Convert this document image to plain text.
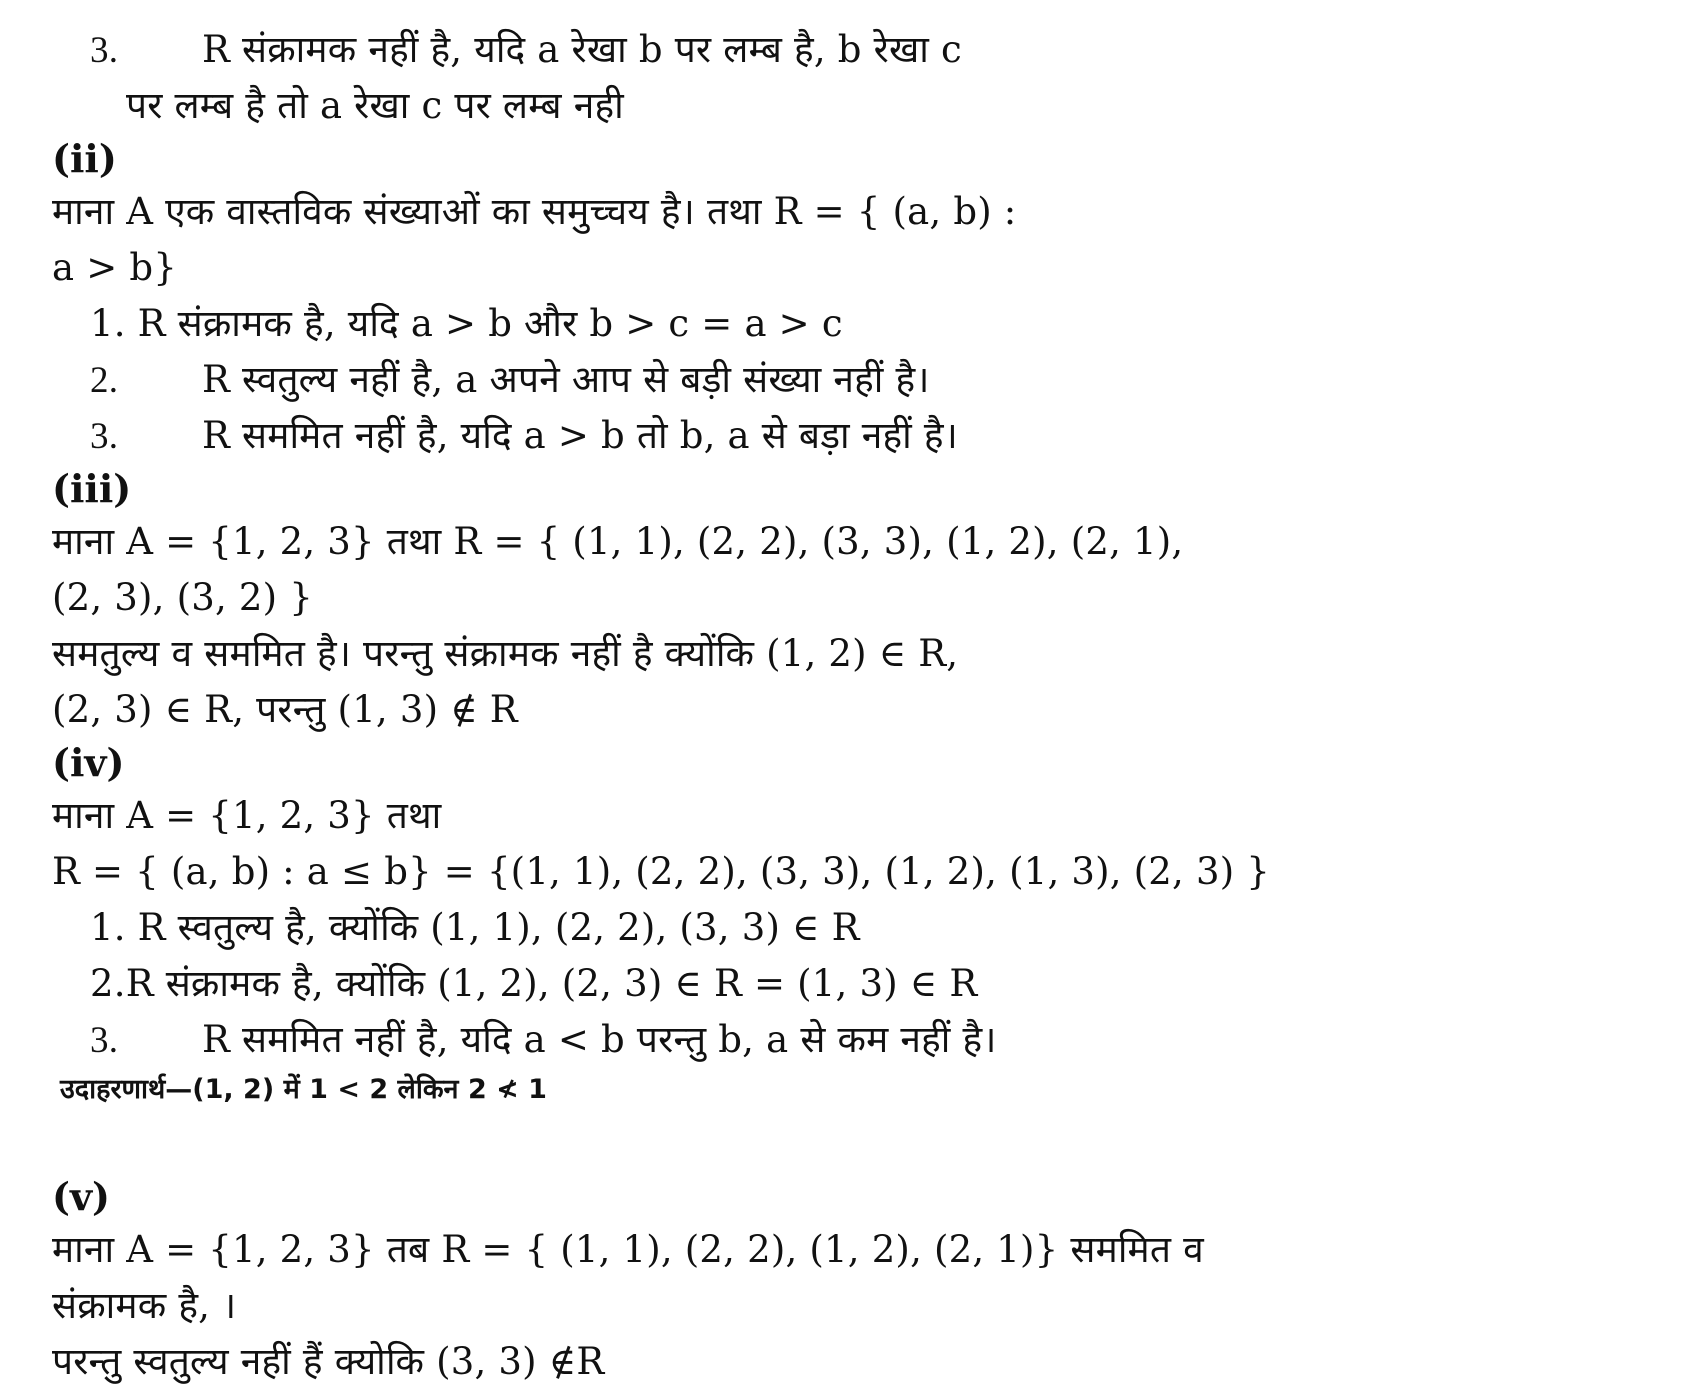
3. R संक्रामक नहीं है, यदि a रेखा b पर लम्ब है, b रेखा c
पर लम्ब है तो a रेखा c पर लम्ब नही
(ii)
माना A एक वास्तविक संख्याओं का समुच्चय है। तथा R = { (a, b) :
a > b}
1. R संक्रामक है, यदि a > b और b > c = a > c
2. R स्वतुल्य नहीं है, a अपने आप से बड़ी संख्या नहीं है।
3. R सममित नहीं है, यदि a > b तो b, a से बड़ा नहीं है।
(iii)
माना A = {1, 2, 3} तथा R = { (1, 1), (2, 2), (3, 3), (1, 2), (2, 1),
(2, 3), (3, 2) }
समतुल्य व सममित है। परन्तु संक्रामक नहीं है क्योंकि (1, 2) ∈ R,
(2, 3) ∈ R, परन्तु (1, 3) ∉ R
(iv)
माना A = {1, 2, 3} तथा
R = { (a, b) : a ≤ b} = {(1, 1), (2, 2), (3, 3), (1, 2), (1, 3), (2, 3) }
1. R स्वतुल्य है, क्योंकि (1, 1), (2, 2), (3, 3) ∈ R
2.R संक्रामक है, क्योंकि (1, 2), (2, 3) ∈ R = (1, 3) ∈ R
3. R सममित नहीं है, यदि a < b परन्तु b, a से कम नहीं है।
उदाहरणार्थ—(1, 2) में 1 < 2 लेकिन 2 ≮ 1
(v)
माना A = {1, 2, 3} तब R = { (1, 1), (2, 2), (1, 2), (2, 1)} सममित व
संक्रामक है, ।
परन्तु स्वतुल्य नहीं हैं क्योकि (3, 3) ∉R
